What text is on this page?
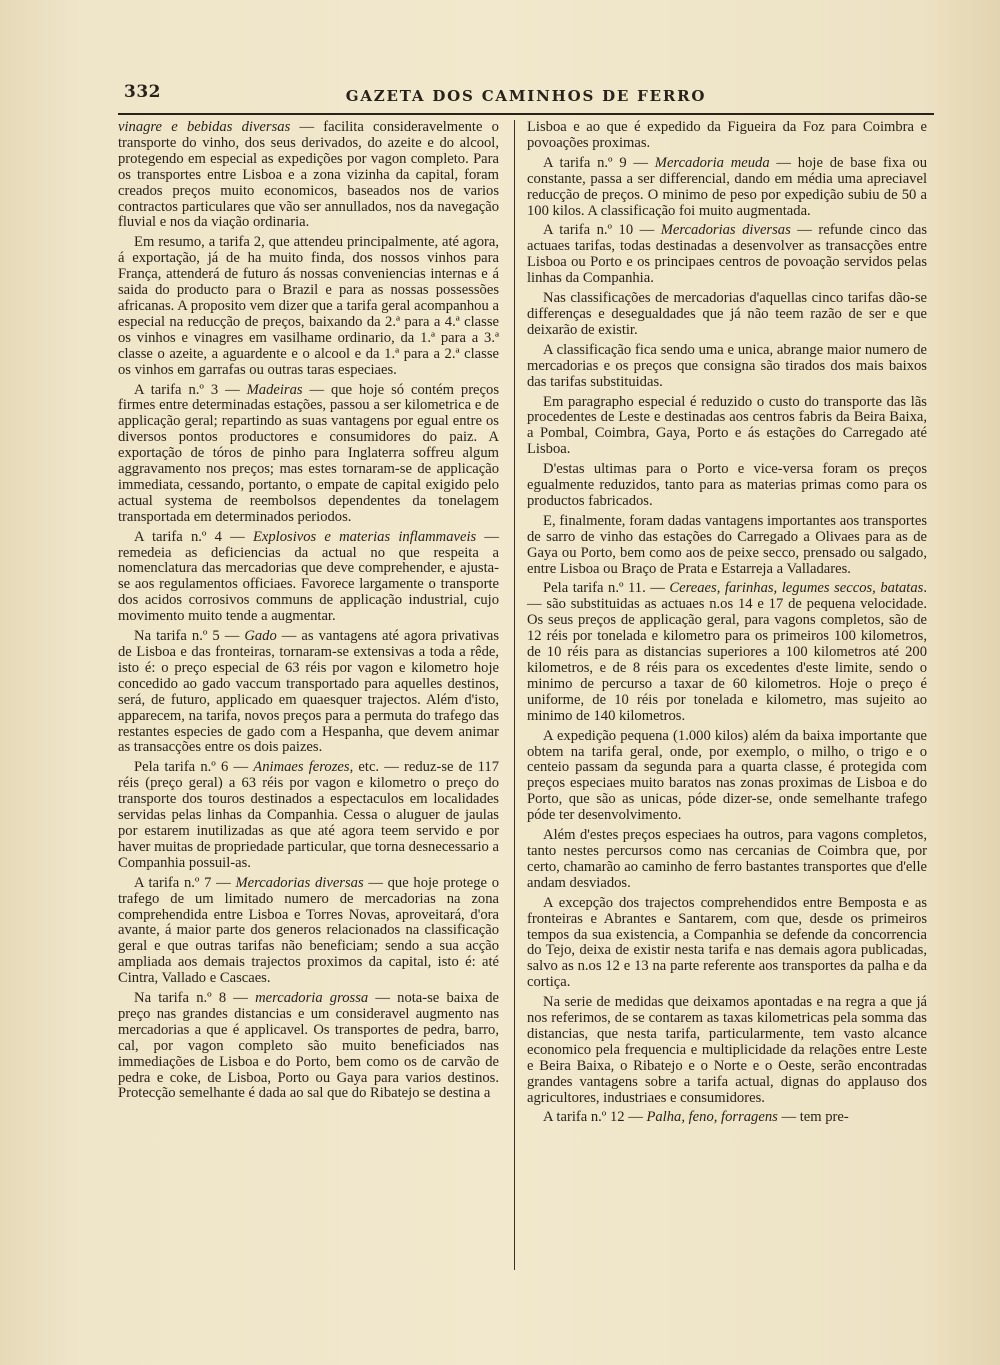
332	GAZETA DOS CAMINHOS DE FERRO

vinagre e bebidas diversas — facilita consideravelmente o transporte do vinho, dos seus derivados, do azeite e do alcool, protegendo em especial as expedições por vagon completo. Para os transportes entre Lisboa e a zona vizinha da capital, foram creados preços muito economicos, baseados nos de varios contractos particulares que vão ser annullados, nos da navegação fluvial e nos da viação ordinaria.

Em resumo, a tarifa 2, que attendeu principalmente, até agora, á exportação, já de ha muito finda, dos nossos vinhos para França, attenderá de futuro ás nossas conveniencias internas e á saida do producto para o Brazil e para as nossas possessões africanas. A proposito vem dizer que a tarifa geral acompanhou a especial na reducção de preços, baixando da 2.ª para a 4.ª classe os vinhos e vinagres em vasilhame ordinario, da 1.ª para a 3.ª classe o azeite, a aguardente e o alcool e da 1.ª para a 2.ª classe os vinhos em garrafas ou outras taras especiaes.

A tarifa n.º 3 — Madeiras — que hoje só contém preços firmes entre determinadas estações, passou a ser kilometrica e de applicação geral; repartindo as suas vantagens por egual entre os diversos pontos productores e consumidores do paiz. A exportação de tóros de pinho para Inglaterra soffreu algum aggravamento nos preços; mas estes tornaram-se de applicação immediata, cessando, portanto, o empate de capital exigido pelo actual systema de reembolsos dependentes da tonelagem transportada em determinados periodos.

A tarifa n.º 4 — Explosivos e materias inflammaveis — remedeia as deficiencias da actual no que respeita a nomenclatura das mercadorias que deve comprehender, e ajusta-se aos regulamentos officiaes. Favorece largamente o transporte dos acidos corrosivos communs de applicação industrial, cujo movimento muito tende a augmentar.

Na tarifa n.º 5 — Gado — as vantagens até agora privativas de Lisboa e das fronteiras, tornaram-se extensivas a toda a rêde, isto é: o preço especial de 63 réis por vagon e kilometro hoje concedido ao gado vaccum transportado para aquelles destinos, será, de futuro, applicado em quaesquer trajectos. Além d'isto, apparecem, na tarifa, novos preços para a permuta do trafego das restantes especies de gado com a Hespanha, que devem animar as transacções entre os dois paizes.

Pela tarifa n.º 6 — Animaes ferozes, etc. — reduz-se de 117 réis (preço geral) a 63 réis por vagon e kilometro o preço do transporte dos touros destinados a espectaculos em localidades servidas pelas linhas da Companhia. Cessa o aluguer de jaulas por estarem inutilizadas as que até agora teem servido e por haver muitas de propriedade particular, que torna desnecessario a Companhia possuil-as.

A tarifa n.º 7 — Mercadorias diversas — que hoje protege o trafego de um limitado numero de mercadorias na zona comprehendida entre Lisboa e Torres Novas, aproveitará, d'ora avante, á maior parte dos generos relacionados na classificação geral e que outras tarifas não beneficiam; sendo a sua acção ampliada aos demais trajectos proximos da capital, isto é: até Cintra, Vallado e Cascaes.

Na tarifa n.º 8 — mercadoria grossa — nota-se baixa de preço nas grandes distancias e um consideravel augmento nas mercadorias a que é applicavel. Os transportes de pedra, barro, cal, por vagon completo são muito beneficiados nas immediações de Lisboa e do Porto, bem como os de carvão de pedra e coke, de Lisboa, Porto ou Gaya para varios destinos. Protecção semelhante é dada ao sal que do Ribatejo se destina a

Lisboa e ao que é expedido da Figueira da Foz para Coimbra e povoações proximas.

A tarifa n.º 9 — Mercadoria meuda — hoje de base fixa ou constante, passa a ser differencial, dando em média uma apreciavel reducção de preços. O minimo de peso por expedição subiu de 50 a 100 kilos. A classificação foi muito augmentada.

A tarifa n.º 10 — Mercadorias diversas — refunde cinco das actuaes tarifas, todas destinadas a desenvolver as transacções entre Lisboa ou Porto e os principaes centros de povoação servidos pelas linhas da Companhia.

Nas classificações de mercadorias d'aquellas cinco tarifas dão-se differenças e desegualdades que já não teem razão de ser e que deixarão de existir.

A classificação fica sendo uma e unica, abrange maior numero de mercadorias e os preços que consigna são tirados dos mais baixos das tarifas substituidas.

Em paragrapho especial é reduzido o custo do transporte das lãs procedentes de Leste e destinadas aos centros fabris da Beira Baixa, a Pombal, Coimbra, Gaya, Porto e ás estações do Carregado até Lisboa.

D'estas ultimas para o Porto e vice-versa foram os preços egualmente reduzidos, tanto para as materias primas como para os productos fabricados.

E, finalmente, foram dadas vantagens importantes aos transportes de sarro de vinho das estações do Carregado a Olivaes para as de Gaya ou Porto, bem como aos de peixe secco, prensado ou salgado, entre Lisboa ou Braço de Prata e Estarreja a Valladares.

Pela tarifa n.º 11. — Cereaes, farinhas, legumes seccos, batatas. — são substituidas as actuaes n.os 14 e 17 de pequena velocidade. Os seus preços de applicação geral, para vagons completos, são de 12 réis por tonelada e kilometro para os primeiros 100 kilometros, de 10 réis para as distancias superiores a 100 kilometros até 200 kilometros, e de 8 réis para os excedentes d'este limite, sendo o minimo de percurso a taxar de 60 kilometros. Hoje o preço é uniforme, de 10 réis por tonelada e kilometro, mas sujeito ao minimo de 140 kilometros.

A expedição pequena (1.000 kilos) além da baixa importante que obtem na tarifa geral, onde, por exemplo, o milho, o trigo e o centeio passam da segunda para a quarta classe, é protegida com preços especiaes muito baratos nas zonas proximas de Lisboa e do Porto, que são as unicas, póde dizer-se, onde semelhante trafego póde ter desenvolvimento.

Além d'estes preços especiaes ha outros, para vagons completos, tanto nestes percursos como nas cercanias de Coimbra que, por certo, chamarão ao caminho de ferro bastantes transportes que d'elle andam desviados.

A excepção dos trajectos comprehendidos entre Bemposta e as fronteiras e Abrantes e Santarem, com que, desde os primeiros tempos da sua existencia, a Companhia se defende da concorrencia do Tejo, deixa de existir nesta tarifa e nas demais agora publicadas, salvo as n.os 12 e 13 na parte referente aos transportes da palha e da cortiça.

Na serie de medidas que deixamos apontadas e na regra a que já nos referimos, de se contarem as taxas kilometricas pela somma das distancias, que nesta tarifa, particularmente, tem vasto alcance economico pela frequencia e multiplicidade da relações entre Leste e Beira Baixa, o Ribatejo e o Norte e o Oeste, serão encontradas grandes vantagens sobre a tarifa actual, dignas do applauso dos agricultores, industriaes e consumidores.

A tarifa n.º 12 — Palha, feno, forragens — tem pre-
